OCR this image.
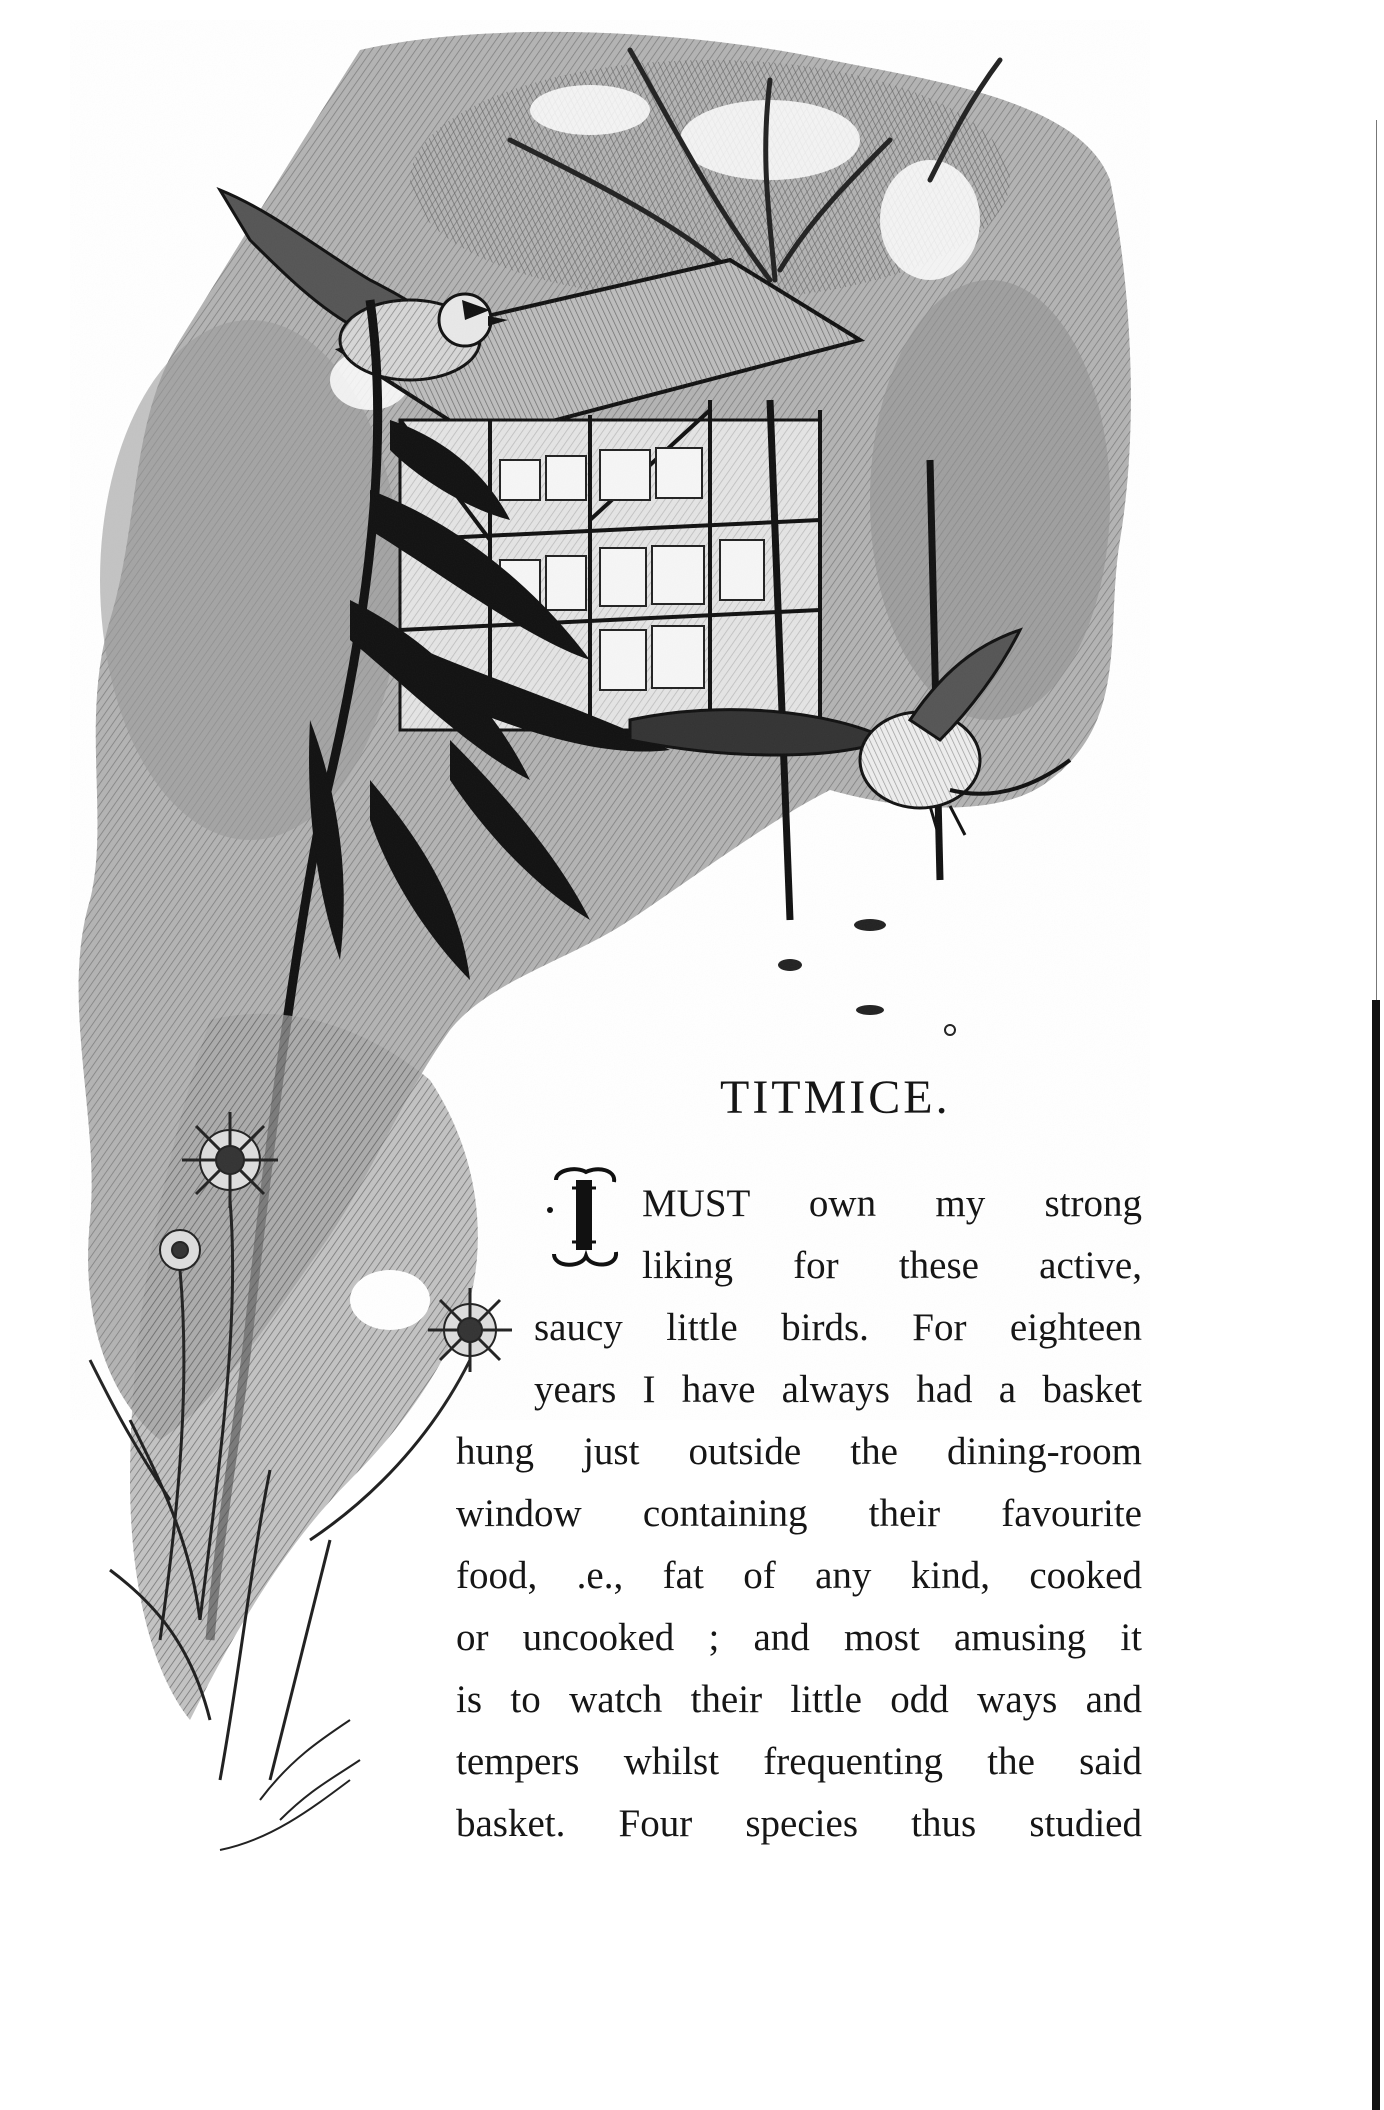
TITMICE.
MUST own my strong
liking for these active,
saucy little birds. For eighteen
years I have always had a basket
hung just outside the dining-room
window containing their favourite
food, .e., fat of any kind, cooked
or uncooked ; and most amusing it
is to watch their little odd ways and
tempers whilst frequenting the said
basket. Four species thus studied
